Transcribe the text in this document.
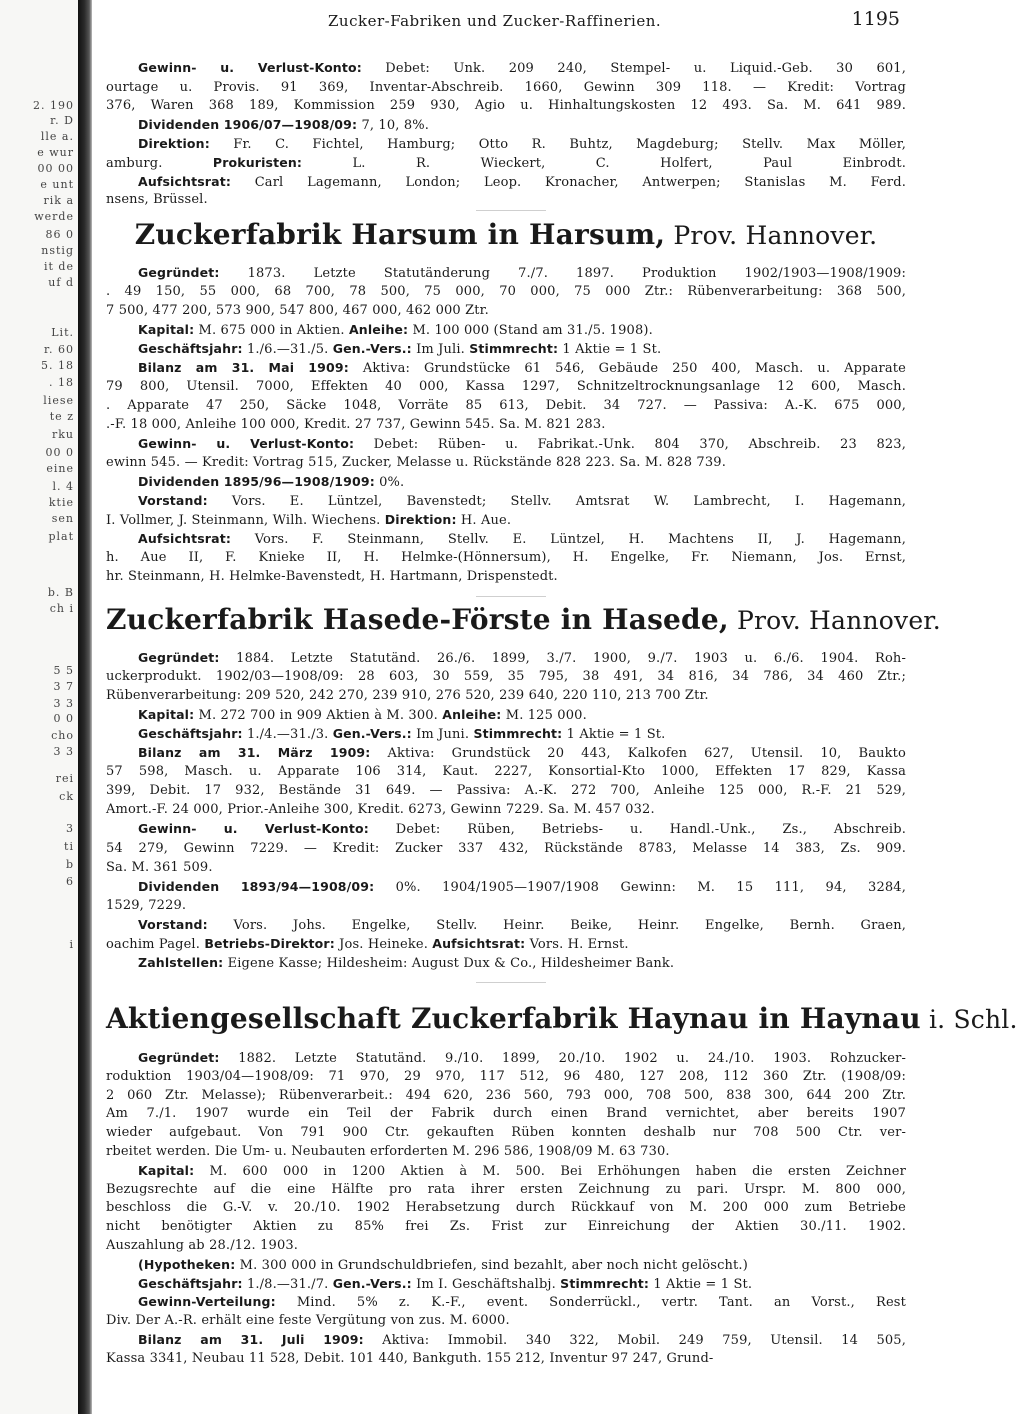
2. 190
r. D
lle a.
e wur
00 00
e unt
rik a
werde
86 0
nstig
it de
uf d
Lit.
r. 60
5. 18
. 18
liese
te z
rku
00 0
eine
l. 4
ktie
sen
plat
b. B
ch i
5 5
3 7
3 3
0 0
cho
3 3
rei
ck
3
ti
b
6
i
Zucker-Fabriken und Zucker-Raffinerien.	1195
Gewinn- u. Verlust-Konto: Debet: Unk. 209 240, Stempel- u. Liquid.-Geb. 30 601,
ourtage u. Provis. 91 369, Inventar-Abschreib. 1660, Gewinn 309 118. — Kredit: Vortrag
376, Waren 368 189, Kommission 259 930, Agio u. Hinhaltungskosten 12 493. Sa. M. 641 989.
Dividenden 1906/07—1908/09: 7, 10, 8%.
Direktion: Fr. C. Fichtel, Hamburg; Otto R. Buhtz, Magdeburg; Stellv. Max Möller,
amburg. Prokuristen: L. R. Wieckert, C. Holfert, Paul Einbrodt.
Aufsichtsrat: Carl Lagemann, London; Leop. Kronacher, Antwerpen; Stanislas M. Ferd.
nsens, Brüssel.
Zuckerfabrik Harsum in Harsum, Prov. Hannover.
Gegründet: 1873. Letzte Statutänderung 7./7. 1897. Produktion 1902/1903—1908/1909:
. 49 150, 55 000, 68 700, 78 500, 75 000, 70 000, 75 000 Ztr.: Rübenverarbeitung: 368 500,
7 500, 477 200, 573 900, 547 800, 467 000, 462 000 Ztr.
Kapital: M. 675 000 in Aktien. Anleihe: M. 100 000 (Stand am 31./5. 1908).
Geschäftsjahr: 1./6.—31./5. Gen.-Vers.: Im Juli. Stimmrecht: 1 Aktie = 1 St.
Bilanz am 31. Mai 1909: Aktiva: Grundstücke 61 546, Gebäude 250 400, Masch. u. Apparate
79 800, Utensil. 7000, Effekten 40 000, Kassa 1297, Schnitzeltrocknungsanlage 12 600, Masch.
. Apparate 47 250, Säcke 1048, Vorräte 85 613, Debit. 34 727. — Passiva: A.-K. 675 000,
.-F. 18 000, Anleihe 100 000, Kredit. 27 737, Gewinn 545. Sa. M. 821 283.
Gewinn- u. Verlust-Konto: Debet: Rüben- u. Fabrikat.-Unk. 804 370, Abschreib. 23 823,
ewinn 545. — Kredit: Vortrag 515, Zucker, Melasse u. Rückstände 828 223. Sa. M. 828 739.
Dividenden 1895/96—1908/1909: 0%.
Vorstand: Vors. E. Lüntzel, Bavenstedt; Stellv. Amtsrat W. Lambrecht, I. Hagemann,
I. Vollmer, J. Steinmann, Wilh. Wiechens. Direktion: H. Aue.
Aufsichtsrat: Vors. F. Steinmann, Stellv. E. Lüntzel, H. Machtens II, J. Hagemann,
h. Aue II, F. Knieke II, H. Helmke-(Hönnersum), H. Engelke, Fr. Niemann, Jos. Ernst,
hr. Steinmann, H. Helmke-Bavenstedt, H. Hartmann, Drispenstedt.
Zuckerfabrik Hasede-Förste in Hasede, Prov. Hannover.
Gegründet: 1884. Letzte Statutänd. 26./6. 1899, 3./7. 1900, 9./7. 1903 u. 6./6. 1904. Roh-
uckerprodukt. 1902/03—1908/09: 28 603, 30 559, 35 795, 38 491, 34 816, 34 786, 34 460 Ztr.;
Rübenverarbeitung: 209 520, 242 270, 239 910, 276 520, 239 640, 220 110, 213 700 Ztr.
Kapital: M. 272 700 in 909 Aktien à M. 300. Anleihe: M. 125 000.
Geschäftsjahr: 1./4.—31./3. Gen.-Vers.: Im Juni. Stimmrecht: 1 Aktie = 1 St.
Bilanz am 31. März 1909: Aktiva: Grundstück 20 443, Kalkofen 627, Utensil. 10, Baukto
57 598, Masch. u. Apparate 106 314, Kaut. 2227, Konsortial-Kto 1000, Effekten 17 829, Kassa
399, Debit. 17 932, Bestände 31 649. — Passiva: A.-K. 272 700, Anleihe 125 000, R.-F. 21 529,
Amort.-F. 24 000, Prior.-Anleihe 300, Kredit. 6273, Gewinn 7229. Sa. M. 457 032.
Gewinn- u. Verlust-Konto: Debet: Rüben, Betriebs- u. Handl.-Unk., Zs., Abschreib.
54 279, Gewinn 7229. — Kredit: Zucker 337 432, Rückstände 8783, Melasse 14 383, Zs. 909.
Sa. M. 361 509.
Dividenden 1893/94—1908/09: 0%. 1904/1905—1907/1908 Gewinn: M. 15 111, 94, 3284,
1529, 7229.
Vorstand: Vors. Johs. Engelke, Stellv. Heinr. Beike, Heinr. Engelke, Bernh. Graen,
oachim Pagel. Betriebs-Direktor: Jos. Heineke. Aufsichtsrat: Vors. H. Ernst.
Zahlstellen: Eigene Kasse; Hildesheim: August Dux & Co., Hildesheimer Bank.
Aktiengesellschaft Zuckerfabrik Haynau in Haynau i. Schl.
Gegründet: 1882. Letzte Statutänd. 9./10. 1899, 20./10. 1902 u. 24./10. 1903. Rohzucker-
roduktion 1903/04—1908/09: 71 970, 29 970, 117 512, 96 480, 127 208, 112 360 Ztr. (1908/09:
2 060 Ztr. Melasse); Rübenverarbeit.: 494 620, 236 560, 793 000, 708 500, 838 300, 644 200 Ztr.
Am 7./1. 1907 wurde ein Teil der Fabrik durch einen Brand vernichtet, aber bereits 1907
wieder aufgebaut. Von 791 900 Ctr. gekauften Rüben konnten deshalb nur 708 500 Ctr. ver-
rbeitet werden. Die Um- u. Neubauten erforderten M. 296 586, 1908/09 M. 63 730.
Kapital: M. 600 000 in 1200 Aktien à M. 500. Bei Erhöhungen haben die ersten Zeichner
Bezugsrechte auf die eine Hälfte pro rata ihrer ersten Zeichnung zu pari. Urspr. M. 800 000,
beschloss die G.-V. v. 20./10. 1902 Herabsetzung durch Rückkauf von M. 200 000 zum Betriebe
nicht benötigter Aktien zu 85% frei Zs. Frist zur Einreichung der Aktien 30./11. 1902.
Auszahlung ab 28./12. 1903.
(Hypotheken: M. 300 000 in Grundschuldbriefen, sind bezahlt, aber noch nicht gelöscht.)
Geschäftsjahr: 1./8.—31./7. Gen.-Vers.: Im I. Geschäftshalbj. Stimmrecht: 1 Aktie = 1 St.
Gewinn-Verteilung: Mind. 5% z. K.-F., event. Sonderrückl., vertr. Tant. an Vorst., Rest
Div. Der A.-R. erhält eine feste Vergütung von zus. M. 6000.
Bilanz am 31. Juli 1909: Aktiva: Immobil. 340 322, Mobil. 249 759, Utensil. 14 505,
Kassa 3341, Neubau 11 528, Debit. 101 440, Bankguth. 155 212, Inventur 97 247, Grund-
